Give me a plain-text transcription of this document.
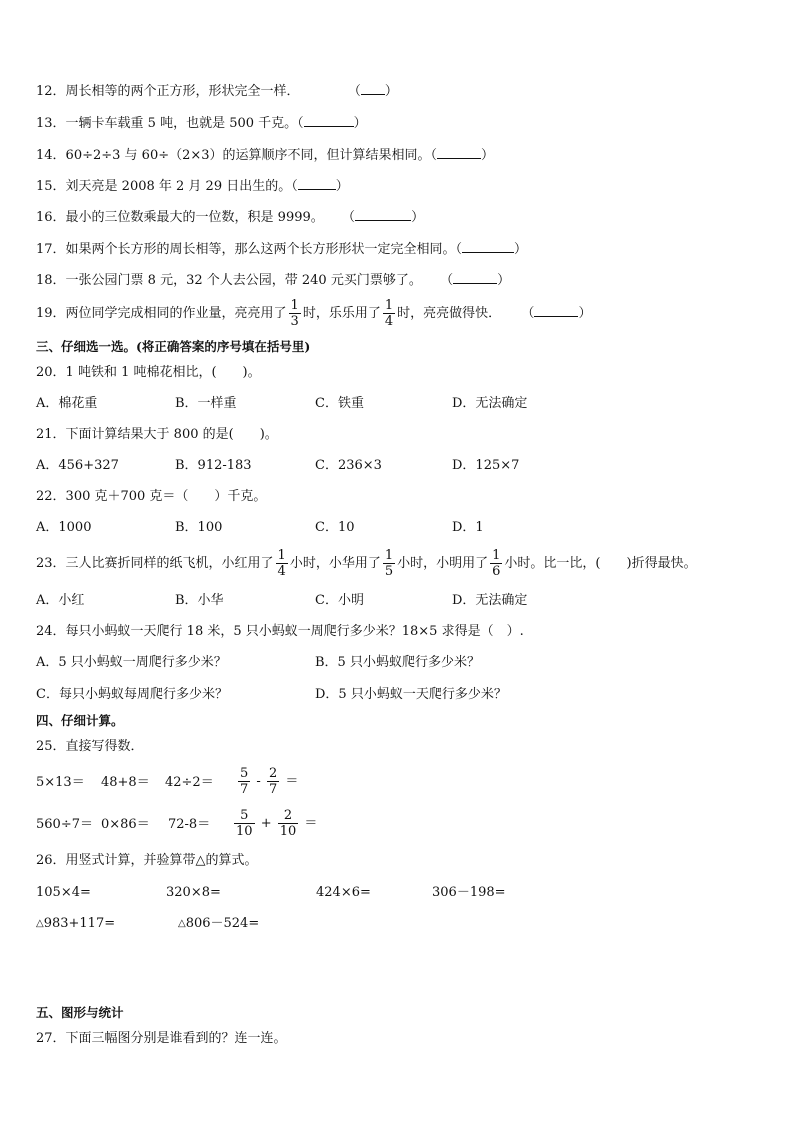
12．周长相等的两个正方形，形状完全一样．	（ ）
13．一辆卡车载重 5 吨，也就是 500 千克。（	）
14．60÷2÷3 与 60÷（2×3）的运算顺序不同，但计算结果相同。（	）
15．刘天亮是 2008 年 2 月 29 日出生的。（	）
16．最小的三位数乘最大的一位数，积是 9999。 （	）
17．如果两个长方形的周长相等，那么这两个长方形形状一定完全相同。（	）
18．一张公园门票 8 元，32 个人去公园，带 240 元买门票够了。 （	）
19．两位同学完成相同的作业量，亮亮用了 $\frac{1}{3}$ 时，乐乐用了 $\frac{1}{4}$ 时，亮亮做得快． （	）
三、仔细选一选。(将正确答案的序号填在括号里)
20．1 吨铁和 1 吨棉花相比，(　　)。
A．棉花重	B．一样重	C．铁重	D．无法确定
21．下面计算结果大于 800 的是(　　)。
A．456+327	B．912-183	C．236×3	D．125×7
22．300 克＋700 克＝（　　）千克。
A．1000	B．100	C．10	D．1
23．三人比赛折同样的纸飞机，小红用了 $\frac{1}{4}$ 小时，小华用了 $\frac{1}{5}$ 小时，小明用了 $\frac{1}{6}$ 小时。比一比，(　　)折得最快。
A．小红	B．小华	C．小明	D．无法确定
24．每只小蚂蚁一天爬行 18 米，5 只小蚂蚁一周爬行多少米？18×5 求得是（　）.
A．5 只小蚂蚁一周爬行多少米？	B．5 只小蚂蚁爬行多少米？
C．每只小蚂蚁每周爬行多少米？	D．5 只小蚂蚁一天爬行多少米？
四、仔细计算。
25．直接写得数．
$5\times 13= 48+8= 42\div 2= \frac{5}{7} - \frac{2}{7}$ ＝
$560\div 7= 0\times 86= 72-8= \frac{5}{10} + \frac{2}{10}$ ＝
26．用竖式计算，并验算带△的算式。
105×4=	320×8=	424×6=	306－198=
△983+117=	△806－524=
五、图形与统计
27．下面三幅图分别是谁看到的？连一连。
